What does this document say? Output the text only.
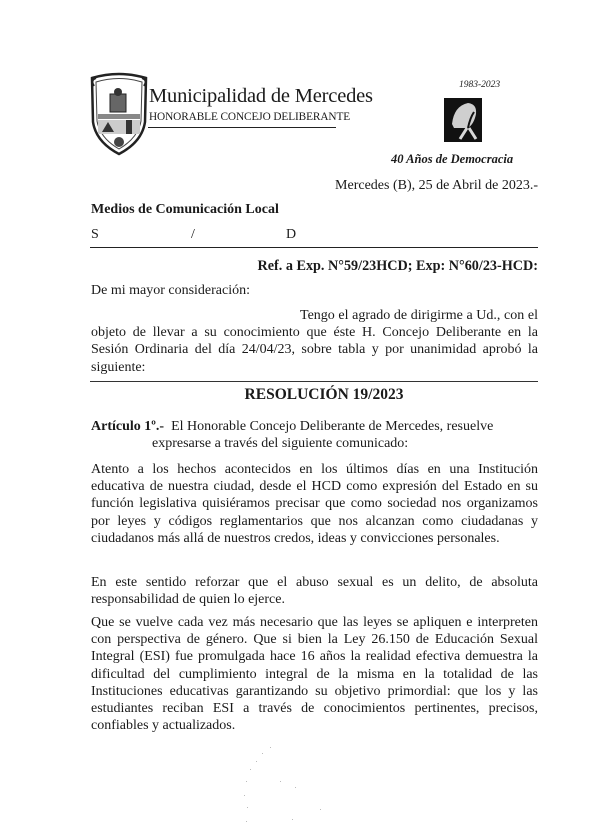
Municipalidad de Mercedes
HONORABLE CONCEJO DELIBERANTE
1983-2023
40 Años de Democracia
Mercedes (B), 25 de Abril de 2023.-
Medios de Comunicación Local
S	/	D
Ref. a Exp. N°59/23HCD; Exp: N°60/23-HCD:
De mi mayor consideración:
Tengo el agrado de dirigirme a Ud., con el objeto de llevar a su conocimiento que éste H. Concejo Deliberante en la Sesión Ordinaria del día 24/04/23, sobre tabla y por unanimidad aprobó la siguiente:
RESOLUCIÓN 19/2023
Artículo 1º.-  El Honorable Concejo Deliberante de Mercedes, resuelve
expresarse a través del siguiente comunicado:
Atento a los hechos acontecidos en los últimos días en una Institución educativa de nuestra ciudad, desde el HCD como expresión del Estado en su función legislativa quisiéramos precisar que como sociedad nos organizamos por leyes y códigos reglamentarios que nos alcanzan como ciudadanas y ciudadanos más allá de nuestros credos, ideas y convicciones personales.
En este sentido reforzar que el abuso sexual es un delito, de absoluta responsabilidad de quien lo ejerce.
Que se vuelve cada vez más necesario que las leyes se apliquen e interpreten con perspectiva de género. Que si bien la Ley 26.150 de Educación Sexual Integral (ESI) fue promulgada hace 16 años la realidad efectiva demuestra la dificultad del cumplimiento integral de la misma en la totalidad de las Instituciones educativas garantizando su objetivo primordial: que los y las estudiantes reciban ESI a través de conocimientos pertinentes, precisos, confiables y actualizados.
